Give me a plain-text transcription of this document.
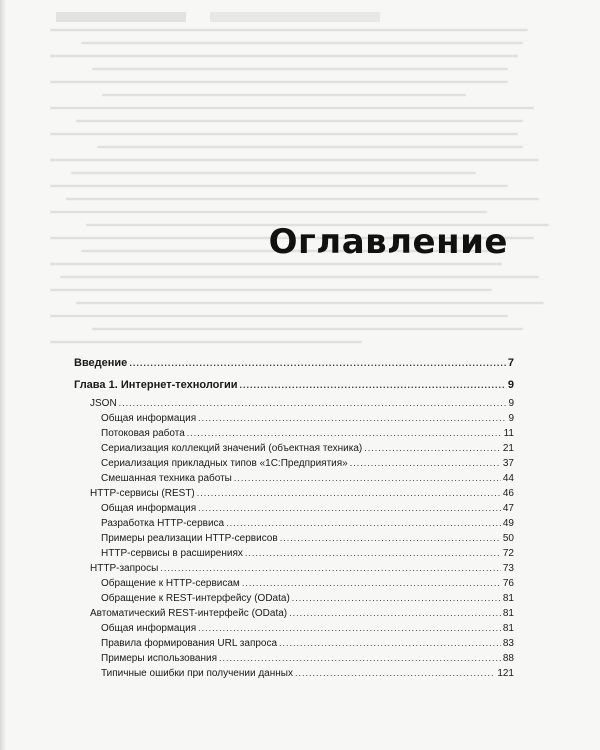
Оглавление
Введение .....	7
Глава 1. Интернет-технологии .....	9
JSON .....	9
Общая информация .....	9
Потоковая работа .....	11
Сериализация коллекций значений (объектная техника) .....	21
Сериализация прикладных типов «1С:Предприятия» .....	37
Смешанная техника работы .....	44
HTTP-сервисы (REST) .....	46
Общая информация .....	47
Разработка HTTP-сервиса .....	49
Примеры реализации HTTP-сервисов .....	50
HTTP-сервисы в расширениях .....	72
HTTP-запросы .....	73
Обращение к HTTP-сервисам .....	76
Обращение к REST-интерфейсу (OData) .....	81
Автоматический REST-интерфейс (OData) .....	81
Общая информация .....	81
Правила формирования URL запроса .....	83
Примеры использования .....	88
Типичные ошибки при получении данных .....	121
